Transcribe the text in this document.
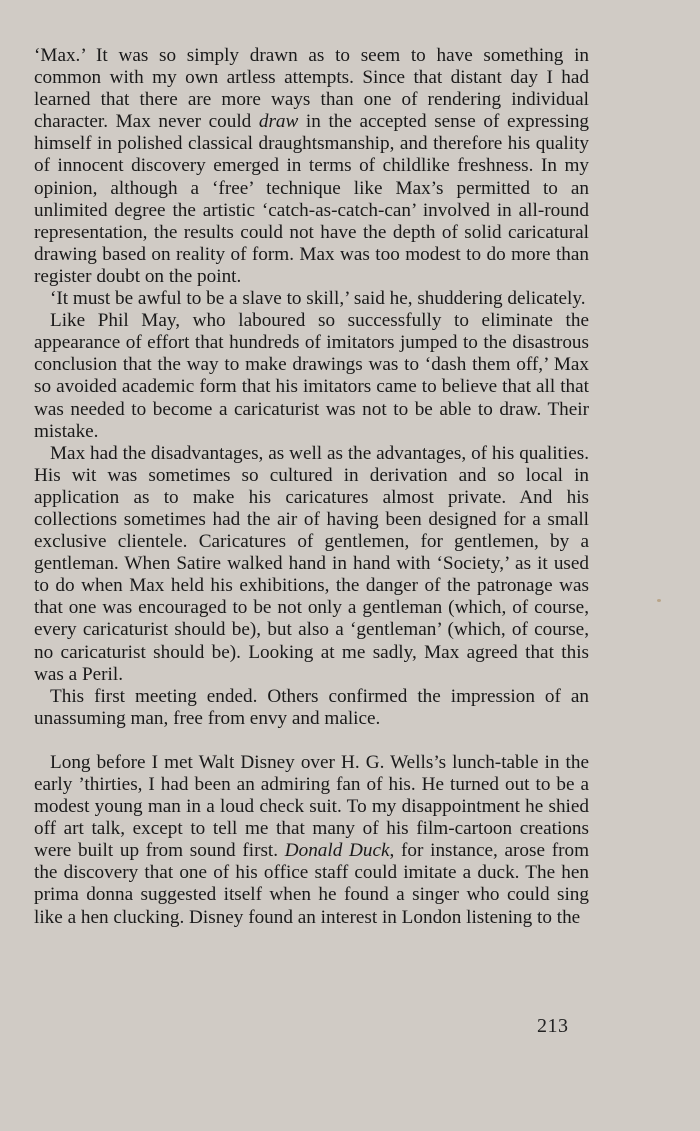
‘Max.’ It was so simply drawn as to seem to have something in common with my own artless attempts. Since that distant day I had learned that there are more ways than one of rendering individual character. Max never could draw in the accepted sense of expressing himself in polished classical draughtsmanship, and therefore his quality of innocent discovery emerged in terms of childlike freshness. In my opinion, although a ‘free’ technique like Max’s permitted to an unlimited degree the artistic ‘catch-as-catch-can’ involved in all-round representation, the results could not have the depth of solid caricatural drawing based on reality of form. Max was too modest to do more than register doubt on the point.

‘It must be awful to be a slave to skill,’ said he, shuddering delicately.

Like Phil May, who laboured so successfully to eliminate the appearance of effort that hundreds of imitators jumped to the disastrous conclusion that the way to make drawings was to ‘dash them off,’ Max so avoided academic form that his imitators came to believe that all that was needed to become a caricaturist was not to be able to draw. Their mistake.

Max had the disadvantages, as well as the advantages, of his qualities. His wit was sometimes so cultured in derivation and so local in application as to make his caricatures almost private. And his collections sometimes had the air of having been designed for a small exclusive clientele. Caricatures of gentlemen, for gentlemen, by a gentleman. When Satire walked hand in hand with ‘Society,’ as it used to do when Max held his exhibitions, the danger of the patronage was that one was encouraged to be not only a gentleman (which, of course, every caricaturist should be), but also a ‘gentleman’ (which, of course, no caricaturist should be). Looking at me sadly, Max agreed that this was a Peril.

This first meeting ended. Others confirmed the impression of an unassuming man, free from envy and malice.

Long before I met Walt Disney over H. G. Wells’s lunch-table in the early ’thirties, I had been an admiring fan of his. He turned out to be a modest young man in a loud check suit. To my disappointment he shied off art talk, except to tell me that many of his film-cartoon creations were built up from sound first. Donald Duck, for instance, arose from the discovery that one of his office staff could imitate a duck. The hen prima donna suggested itself when he found a singer who could sing like a hen clucking. Disney found an interest in London listening to the

213
